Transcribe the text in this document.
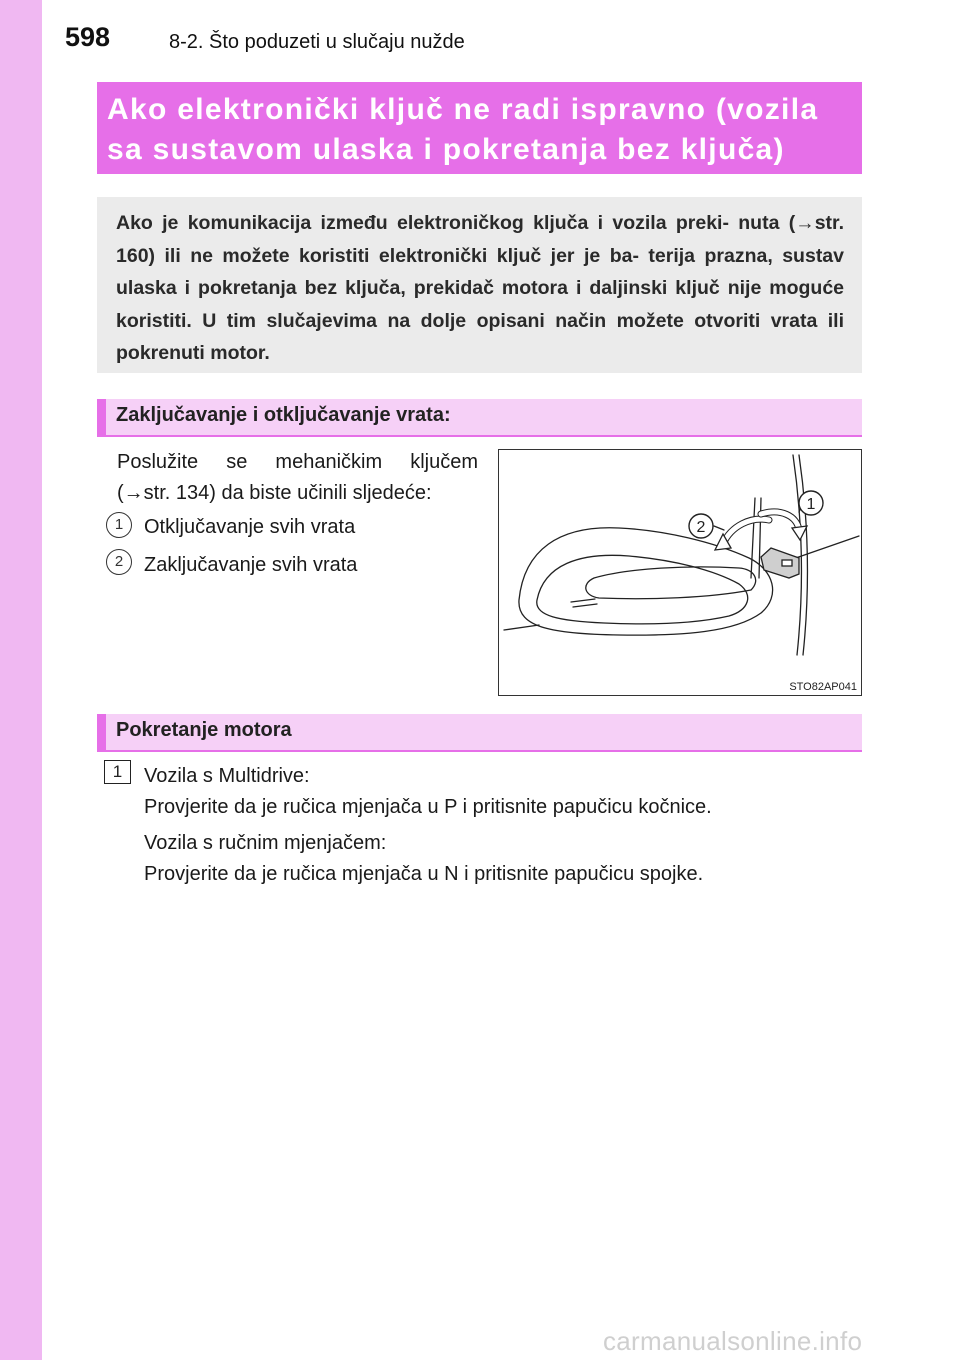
598	8-2. Što poduzeti u slučaju nužde

Ako elektronički ključ ne radi ispravno (vozila

sa sustavom ulaska i pokretanja bez ključa)

Ako je komunikacija između elektroničkog ključa i vozila preki- nuta (→str. 160) ili ne možete koristiti elektronički ključ jer je ba- terija prazna, sustav ulaska i pokretanja bez ključa, prekidač motora i daljinski ključ nije moguće koristiti. U tim slučajevima na dolje opisani način možete otvoriti vrata ili pokrenuti motor.

Zaključavanje i otključavanje vrata:
Poslužite se mehaničkim ključem
(→str. 134) da biste učinili sljedeće:
1	Otključavanje svih vrata
2	Zaključavanje svih vrata
1
2
STO82AP041
Pokretanje motora
1	Vozila s Multidrive:
Provjerite da je ručica mjenjača u P i pritisnite papučicu kočnice.
Vozila s ručnim mjenjačem:
Provjerite da je ručica mjenjača u N i pritisnite papučicu spojke.
carmanualsonline.info
